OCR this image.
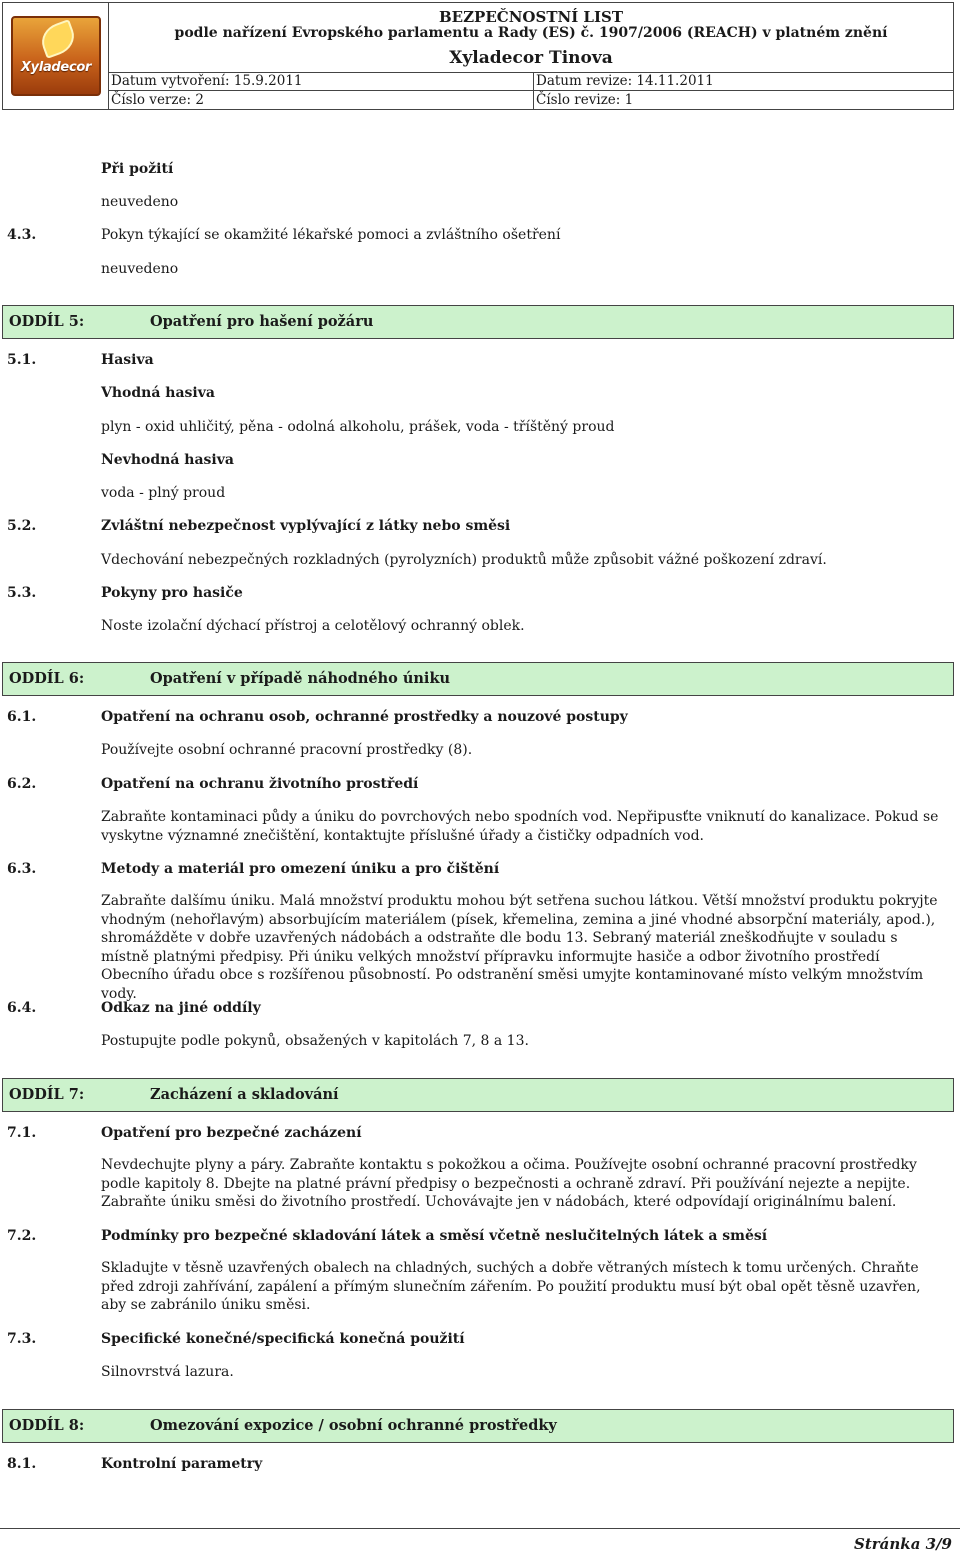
Xyladecor
BEZPEČNOSTNÍ LIST
podle nařízení Evropského parlamentu a Rady (ES) č. 1907/2006 (REACH) v platném znění
Xyladecor Tinova
Datum vytvoření: 15.9.2011	Datum revize: 14.11.2011
Číslo verze: 2	Číslo revize: 1
Při požití
neuvedeno
4.3.	Pokyn týkající se okamžité lékařské pomoci a zvláštního ošetření
neuvedeno
ODDÍL 5:	Opatření pro hašení požáru
5.1.	Hasiva
Vhodná hasiva
plyn - oxid uhličitý, pěna - odolná alkoholu, prášek, voda - tříštěný proud
Nevhodná hasiva
voda - plný proud
5.2.	Zvláštní nebezpečnost vyplývající z látky nebo směsi
Vdechování nebezpečných rozkladných (pyrolyzních) produktů může způsobit vážné poškození zdraví.
5.3.	Pokyny pro hasiče
Noste izolační dýchací přístroj a celotělový ochranný oblek.
ODDÍL 6:	Opatření v případě náhodného úniku
6.1.	Opatření na ochranu osob, ochranné prostředky a nouzové postupy
Používejte osobní ochranné pracovní prostředky (8).
6.2.	Opatření na ochranu životního prostředí
Zabraňte kontaminaci půdy a úniku do povrchových nebo spodních vod. Nepřipusťte vniknutí do kanalizace. Pokud se vyskytne významné znečištění, kontaktujte příslušné úřady a čističky odpadních vod.
6.3.	Metody a materiál pro omezení úniku a pro čištění
Zabraňte dalšímu úniku. Malá množství produktu mohou být setřena suchou látkou. Větší množství produktu pokryjte vhodným (nehořlavým) absorbujícím materiálem (písek, křemelina, zemina a jiné vhodné absorpční materiály, apod.), shromážděte v dobře uzavřených nádobách a odstraňte dle bodu 13. Sebraný materiál zneškodňujte v souladu s místně platnými předpisy. Při úniku velkých množství přípravku informujte hasiče a odbor životního prostředí Obecního úřadu obce s rozšířenou působností. Po odstranění směsi umyjte kontaminované místo velkým množstvím vody.
6.4.	Odkaz na jiné oddíly
Postupujte podle pokynů, obsažených v kapitolách 7, 8 a 13.
ODDÍL 7:	Zacházení a skladování
7.1.	Opatření pro bezpečné zacházení
Nevdechujte plyny a páry. Zabraňte kontaktu s pokožkou a očima. Používejte osobní ochranné pracovní prostředky podle kapitoly 8. Dbejte na platné právní předpisy o bezpečnosti a ochraně zdraví. Při používání nejezte a nepijte. Zabraňte úniku směsi do životního prostředí. Uchovávajte jen v nádobách, které odpovídají originálnímu balení.
7.2.	Podmínky pro bezpečné skladování látek a směsí včetně neslučitelných látek a směsí
Skladujte v těsně uzavřených obalech na chladných, suchých a dobře větraných místech k tomu určených. Chraňte před zdroji zahřívání, zapálení a přímým slunečním zářením. Po použití produktu musí být obal opět těsně uzavřen, aby se zabránilo úniku směsi.
7.3.	Specifické konečné/specifická konečná použití
Silnovrstvá lazura.
ODDÍL 8:	Omezování expozice / osobní ochranné prostředky
8.1.	Kontrolní parametry
Stránka 3/9
